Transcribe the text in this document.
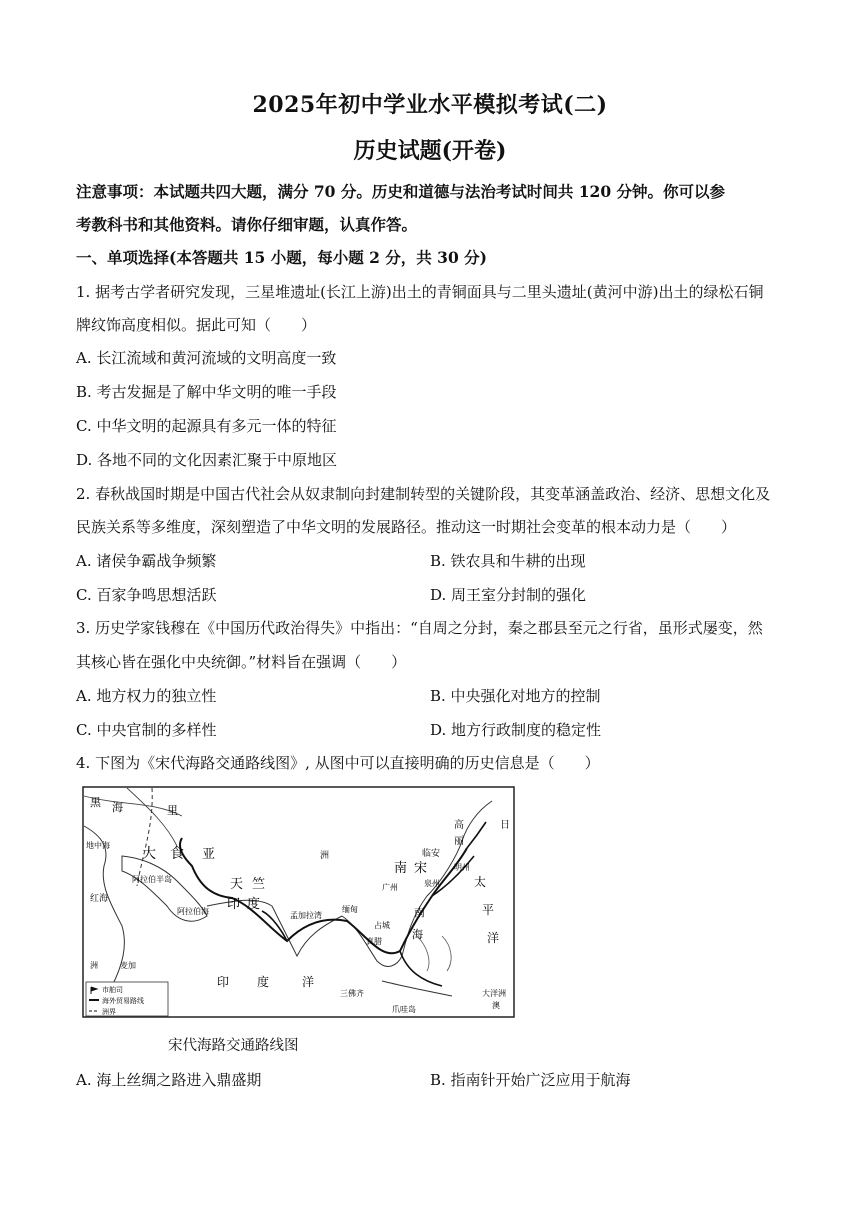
2025年初中学业水平模拟考试(二)
历史试题(开卷)
注意事项：本试题共四大题，满分 70 分。历史和道德与法治考试时间共 120 分钟。你可以参
考教科书和其他资料。请你仔细审题，认真作答。
一、单项选择(本答题共 15 小题，每小题 2 分，共 30 分)
1. 据考古学者研究发现，三星堆遗址(长江上游)出土的青铜面具与二里头遗址(黄河中游)出土的绿松石铜
牌纹饰高度相似。据此可知（　　）
A. 长江流域和黄河流域的文明高度一致
B. 考古发掘是了解中华文明的唯一手段
C. 中华文明的起源具有多元一体的特征
D. 各地不同的文化因素汇聚于中原地区
2. 春秋战国时期是中国古代社会从奴隶制向封建制转型的关键阶段，其变革涵盖政治、经济、思想文化及
民族关系等多维度，深刻塑造了中华文明的发展路径。推动这一时期社会变革的根本动力是（　　）
A. 诸侯争霸战争频繁	B. 铁农具和牛耕的出现
C. 百家争鸣思想活跃	D. 周王室分封制的强化
3. 历史学家钱穆在《中国历代政治得失》中指出：“自周之分封，秦之郡县至元之行省，虽形式屡变，然
其核心皆在强化中央统御。”材料旨在强调（　　）
A. 地方权力的独立性	B. 中央强化对地方的控制
C. 中央官制的多样性	D. 地方行政制度的稳定性
4. 下图为《宋代海路交通路线图》, 从图中可以直接明确的历史信息是（　　）
黑 海	里
地中海
大　食 亚
红海
阿拉伯半岛
阿拉伯海
天 竺
印 度
洲
孟加拉湾
缅甸
高
丽
日
临安
明州
南 宋
广州	泉州	太
平
洋
南
海
占城
真腊
三佛齐
爪哇岛
印 度	洋
洲	麦加
大洋洲
澳
市舶司
海外贸易路线
洲界
宋代海路交通路线图
A. 海上丝绸之路进入鼎盛期	B. 指南针开始广泛应用于航海
